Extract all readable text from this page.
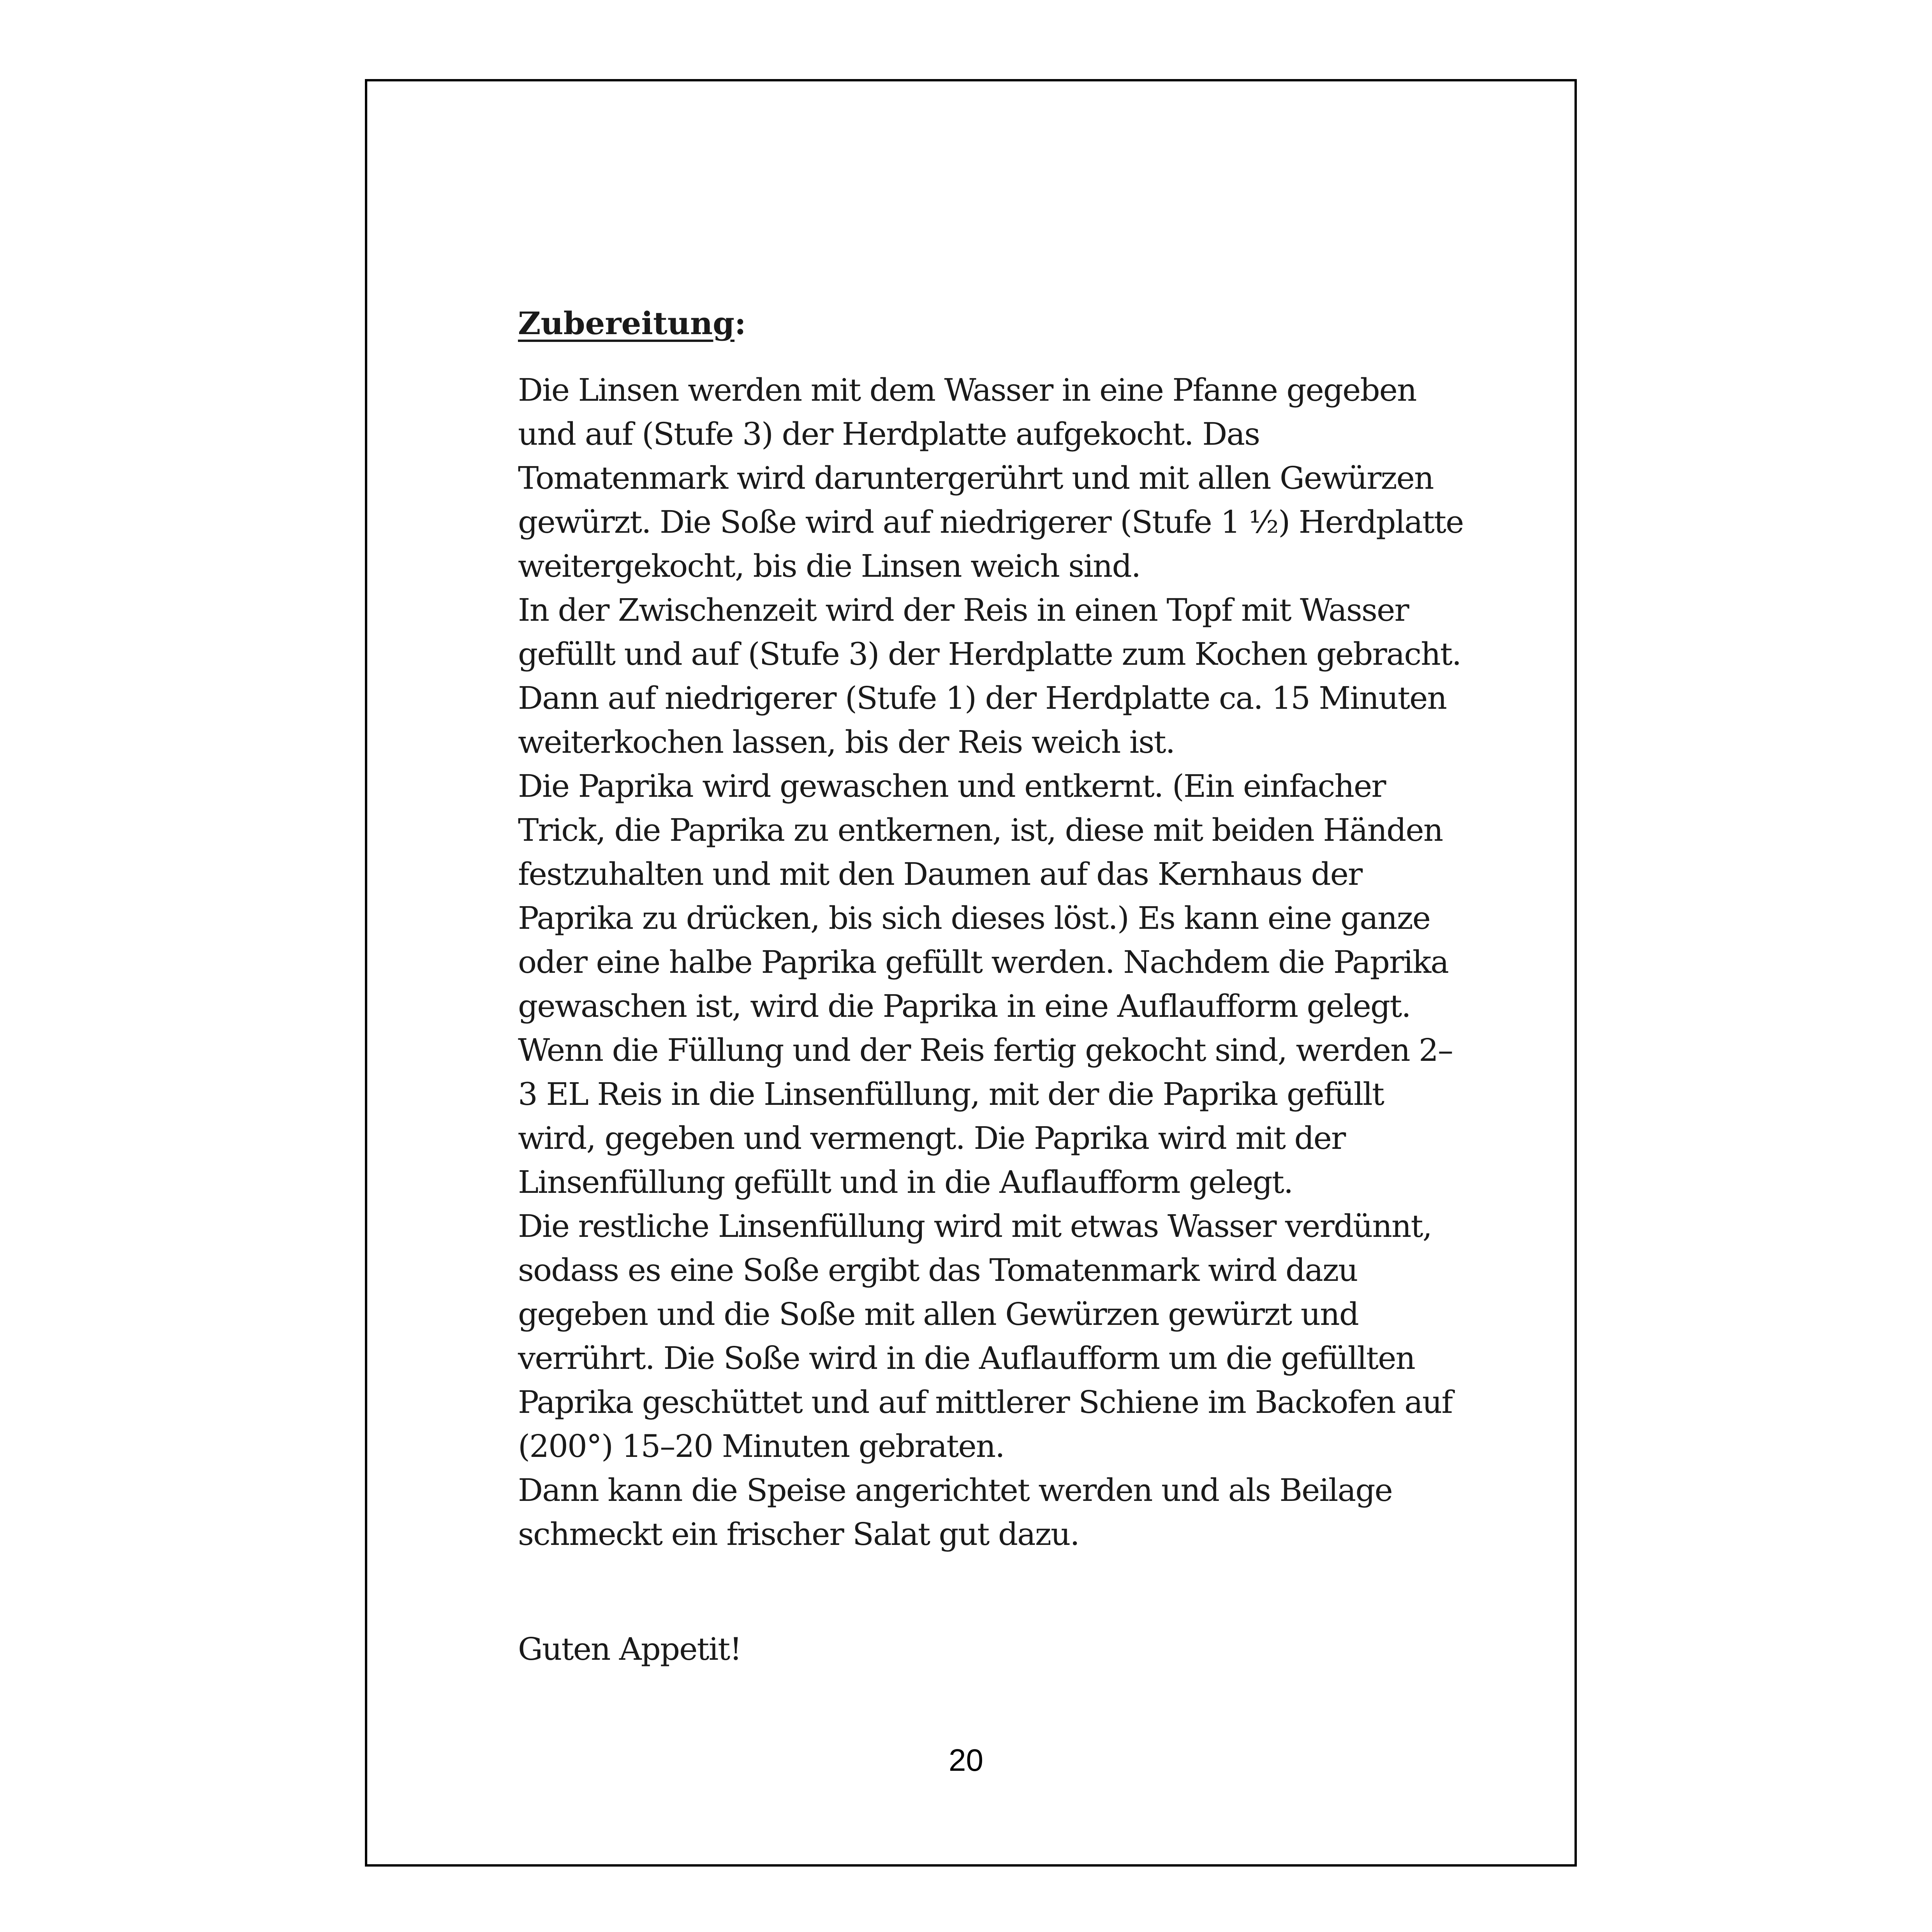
Zubereitung:

Die Linsen werden mit dem Wasser in eine Pfanne gegeben
und auf (Stufe 3) der Herdplatte aufgekocht. Das
Tomatenmark wird daruntergerührt und mit allen Gewürzen
gewürzt. Die Soße wird auf niedrigerer (Stufe 1 ½) Herdplatte
weitergekocht, bis die Linsen weich sind.
In der Zwischenzeit wird der Reis in einen Topf mit Wasser
gefüllt und auf (Stufe 3) der Herdplatte zum Kochen gebracht.
Dann auf niedrigerer (Stufe 1) der Herdplatte ca. 15 Minuten
weiterkochen lassen, bis der Reis weich ist.
Die Paprika wird gewaschen und entkernt. (Ein einfacher
Trick, die Paprika zu entkernen, ist, diese mit beiden Händen
festzuhalten und mit den Daumen auf das Kernhaus der
Paprika zu drücken, bis sich dieses löst.) Es kann eine ganze
oder eine halbe Paprika gefüllt werden. Nachdem die Paprika
gewaschen ist, wird die Paprika in eine Auflaufform gelegt.
Wenn die Füllung und der Reis fertig gekocht sind, werden 2–
3 EL Reis in die Linsenfüllung, mit der die Paprika gefüllt
wird, gegeben und vermengt. Die Paprika wird mit der
Linsenfüllung gefüllt und in die Auflaufform gelegt.
Die restliche Linsenfüllung wird mit etwas Wasser verdünnt,
sodass es eine Soße ergibt das Tomatenmark wird dazu
gegeben und die Soße mit allen Gewürzen gewürzt und
verrührt. Die Soße wird in die Auflaufform um die gefüllten
Paprika geschüttet und auf mittlerer Schiene im Backofen auf
(200°) 15–20 Minuten gebraten.
Dann kann die Speise angerichtet werden und als Beilage
schmeckt ein frischer Salat gut dazu.
Guten Appetit!
20
